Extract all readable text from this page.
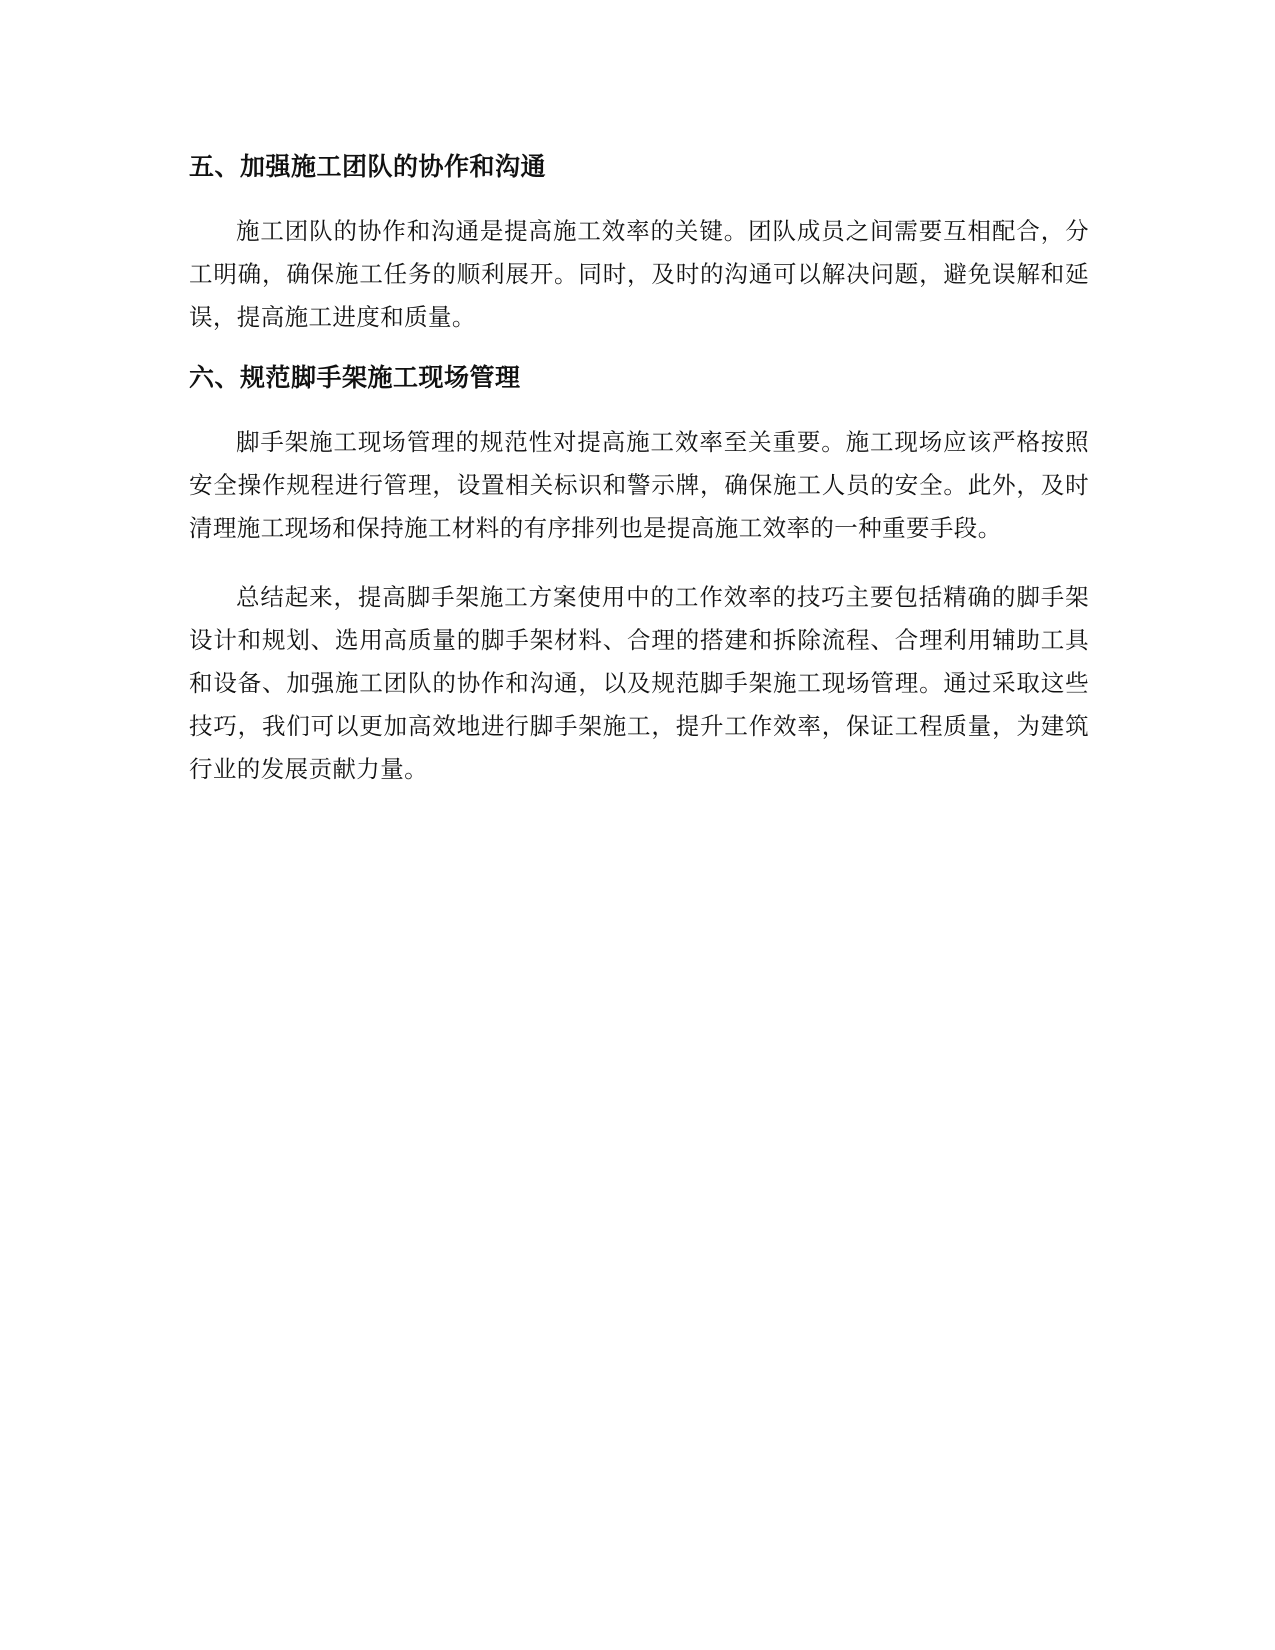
五、加强施工团队的协作和沟通

施工团队的协作和沟通是提高施工效率的关键。团队成员之间需要互相配合，分工明确，确保施工任务的顺利展开。同时，及时的沟通可以解决问题，避免误解和延误，提高施工进度和质量。

六、规范脚手架施工现场管理

脚手架施工现场管理的规范性对提高施工效率至关重要。施工现场应该严格按照安全操作规程进行管理，设置相关标识和警示牌，确保施工人员的安全。此外，及时清理施工现场和保持施工材料的有序排列也是提高施工效率的一种重要手段。

总结起来，提高脚手架施工方案使用中的工作效率的技巧主要包括精确的脚手架设计和规划、选用高质量的脚手架材料、合理的搭建和拆除流程、合理利用辅助工具和设备、加强施工团队的协作和沟通，以及规范脚手架施工现场管理。通过采取这些技巧，我们可以更加高效地进行脚手架施工，提升工作效率，保证工程质量，为建筑行业的发展贡献力量。
